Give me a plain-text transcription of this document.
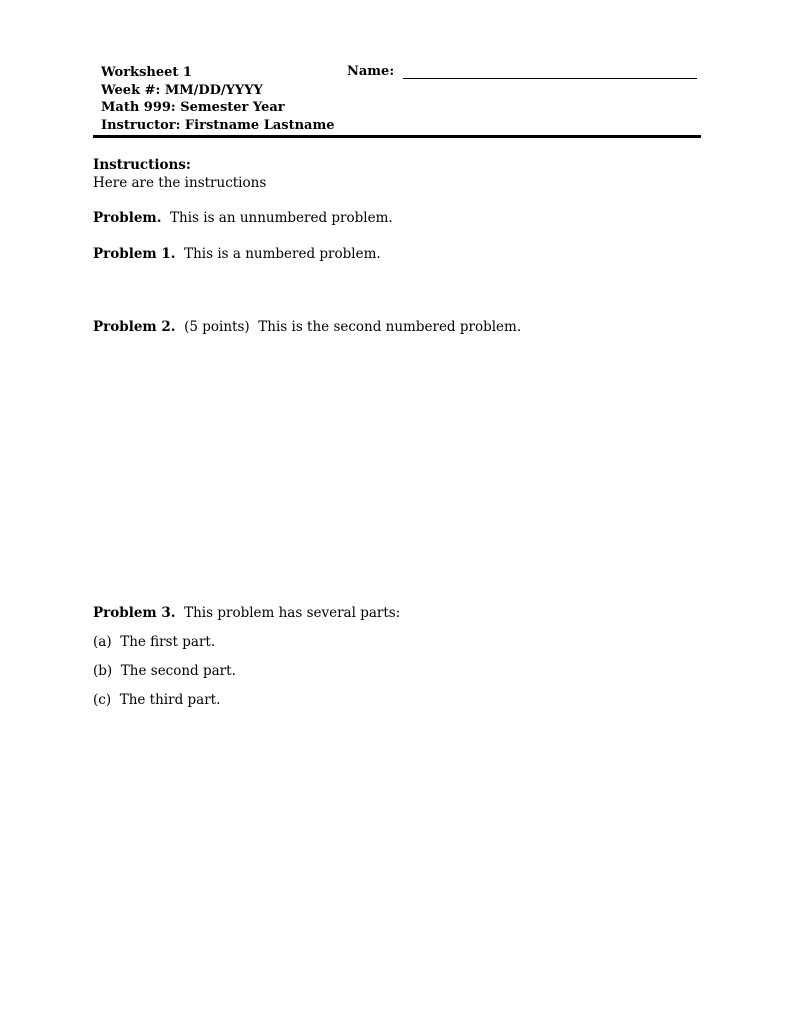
Worksheet 1
Week #: MM/DD/YYYY
Math 999: Semester Year
Instructor: Firstname Lastname
Name:
Instructions:
Here are the instructions
Problem. This is an unnumbered problem.
Problem 1. This is a numbered problem.
Problem 2. (5 points) This is the second numbered problem.
Problem 3. This problem has several parts:
(a) The first part.
(b) The second part.
(c) The third part.
